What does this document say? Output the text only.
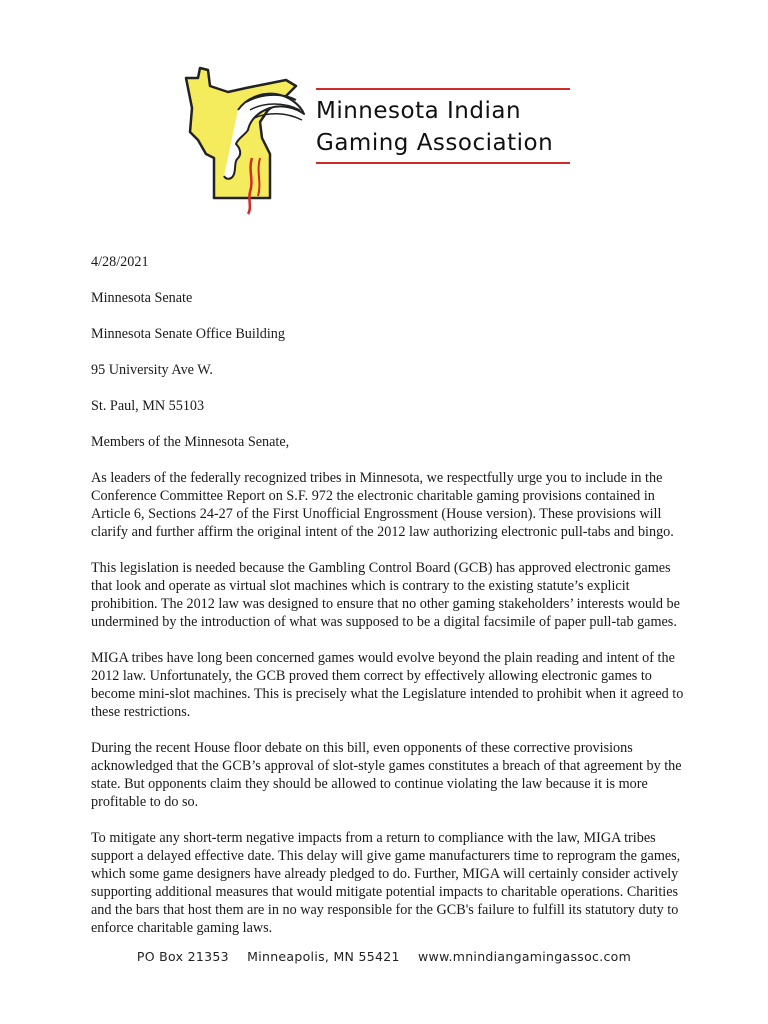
Minnesota Indian
Gaming Association

4/28/2021

Minnesota Senate

Minnesota Senate Office Building

95 University Ave W.

St. Paul, MN 55103

Members of the Minnesota Senate,

As leaders of the federally recognized tribes in Minnesota, we respectfully urge you to include in the Conference Committee Report on S.F. 972 the electronic charitable gaming provisions contained in Article 6, Sections 24-27 of the First Unofficial Engrossment (House version). These provisions will clarify and further affirm the original intent of the 2012 law authorizing electronic pull-tabs and bingo.

This legislation is needed because the Gambling Control Board (GCB) has approved electronic games that look and operate as virtual slot machines which is contrary to the existing statute’s explicit prohibition. The 2012 law was designed to ensure that no other gaming stakeholders’ interests would be undermined by the introduction of what was supposed to be a digital facsimile of paper pull-tab games.

MIGA tribes have long been concerned games would evolve beyond the plain reading and intent of the 2012 law. Unfortunately, the GCB proved them correct by effectively allowing electronic games to become mini-slot machines. This is precisely what the Legislature intended to prohibit when it agreed to these restrictions.

During the recent House floor debate on this bill, even opponents of these corrective provisions acknowledged that the GCB’s approval of slot-style games constitutes a breach of that agreement by the state. But opponents claim they should be allowed to continue violating the law because it is more profitable to do so.

To mitigate any short-term negative impacts from a return to compliance with the law, MIGA tribes support a delayed effective date. This delay will give game manufacturers time to reprogram the games, which some game designers have already pledged to do. Further, MIGA will certainly consider actively supporting additional measures that would mitigate potential impacts to charitable operations. Charities and the bars that host them are in no way responsible for the GCB's failure to fulfill its statutory duty to enforce charitable gaming laws.

PO Box 21353 Minneapolis, MN 55421 www.mnindiangamingassoc.com
